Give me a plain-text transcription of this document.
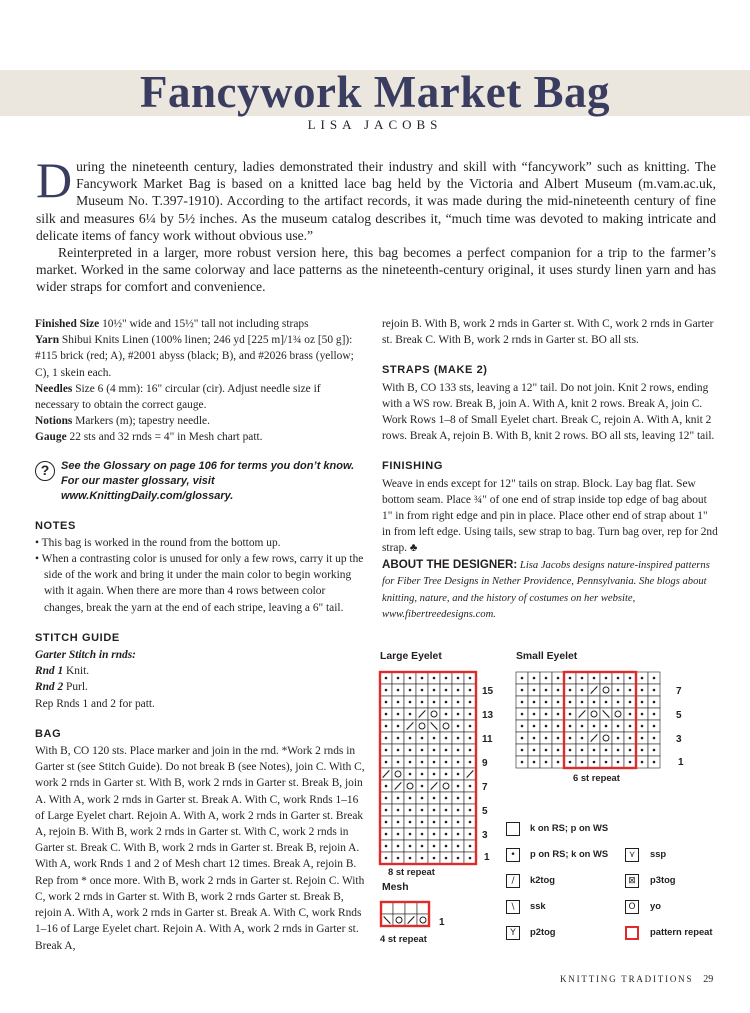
Fancywork Market Bag
LISA JACOBS

During the nineteenth century, ladies demonstrated their industry and skill with “fancywork” such as knitting. The Fancywork Market Bag is based on a knitted lace bag held by the Victoria and Albert Museum (m.vam.ac.uk, Museum No. T.397-1910). According to the artifact records, it was made during the mid-nineteenth century of fine silk and measures 6¼ by 5½ inches. As the museum catalog describes it, “much time was devoted to making intricate and delicate items of fancy work without obvious use.”

Reinterpreted in a larger, more robust version here, this bag becomes a perfect companion for a trip to the farmer’s market. Worked in the same colorway and lace patterns as the nineteenth-century original, it uses sturdy linen yarn and has wider straps for comfort and convenience.

Finished Size 10½" wide and 15½" tall not including straps

Yarn Shibui Knits Linen (100% linen; 246 yd [225 m]/1¾ oz [50 g]): #115 brick (red; A), #2001 abyss (black; B), and #2026 brass (yellow; C), 1 skein each.

Needles Size 6 (4 mm): 16" circular (cir). Adjust needle size if necessary to obtain the correct gauge.

Notions Markers (m); tapestry needle.

Gauge 22 sts and 32 rnds = 4" in Mesh chart patt.

?	See the Glossary on page 106 for terms you don’t know. For our master glossary, visit www.KnittingDaily.com/glossary.
NOTES
• This bag is worked in the round from the bottom up.
• When a contrasting color is unused for only a few rows, carry it up the side of the work and bring it under the main color to begin working with it again. When there are more than 4 rows between color changes, break the yarn at the end of each stripe, leaving a 6" tail.
STITCH GUIDE

Garter Stitch in rnds:

Rnd 1 Knit.

Rnd 2 Purl.

Rep Rnds 1 and 2 for patt.

BAG

With B, CO 120 sts. Place marker and join in the rnd. *Work 2 rnds in Garter st (see Stitch Guide). Do not break B (see Notes), join C. With C, work 2 rnds in Garter st. With B, work 2 rnds in Garter st. Break B, join A. With A, work 2 rnds in Garter st. Break A. With C, work Rnds 1–16 of Large Eyelet chart. Rejoin A. With A, work 2 rnds in Garter st. Break A, rejoin B. With B, work 2 rnds in Garter st. With C, work 2 rnds in Garter st. Break C. With B, work 2 rnds in Garter st. Break B, rejoin A. With A, work Rnds 1 and 2 of Mesh chart 12 times. Break A, rejoin B. Rep from * once more. With B, work 2 rnds in Garter st. Rejoin C. With C, work 2 rnds in Garter st. With B, work 2 rnds Garter st. Break B, rejoin A. With A, work 2 rnds in Garter st. Break A. With C, work Rnds 1–16 of Large Eyelet chart. Rejoin A. With A, work 2 rnds in Garter st. Break A,

rejoin B. With B, work 2 rnds in Garter st. With C, work 2 rnds in Garter st. Break C. With B, work 2 rnds in Garter st. BO all sts.

STRAPS (MAKE 2)

With B, CO 133 sts, leaving a 12" tail. Do not join. Knit 2 rows, ending with a WS row. Break B, join A. With A, knit 2 rows. Break A, join C. Work Rows 1–8 of Small Eyelet chart. Break C, rejoin A. With A, knit 2 rows. Break A, rejoin B. With B, knit 2 rows. BO all sts, leaving 12" tail.

FINISHING

Weave in ends except for 12" tails on strap. Block. Lay bag flat. Sew bottom seam. Place ¾" of one end of strap inside top edge of bag about 1" in from right edge and pin in place. Place other end of strap about 1" in from left edge. Using tails, sew strap to bag. Turn bag over, rep for 2nd strap. ♣

ABOUT THE DESIGNER: Lisa Jacobs designs nature-inspired patterns for Fiber Tree Designs in Nether Providence, Pennsylvania. She blogs about knitting, nature, and the history of costumes on her website, www.fibertreedesigns.com.

Large Eyelet
15
13
11
9
7
5
3
1
8 st repeat
Small Eyelet
7
5
3
1
6 st repeat
Mesh
1
4 st repeat
k on RS; p on WS
•	p on RS; k on WS
/	k2tog
\	ssk
Y	p2tog
⋎	ssp
⊠	p3tog
O	yo
pattern repeat
KNITTING TRADITIONS 29
